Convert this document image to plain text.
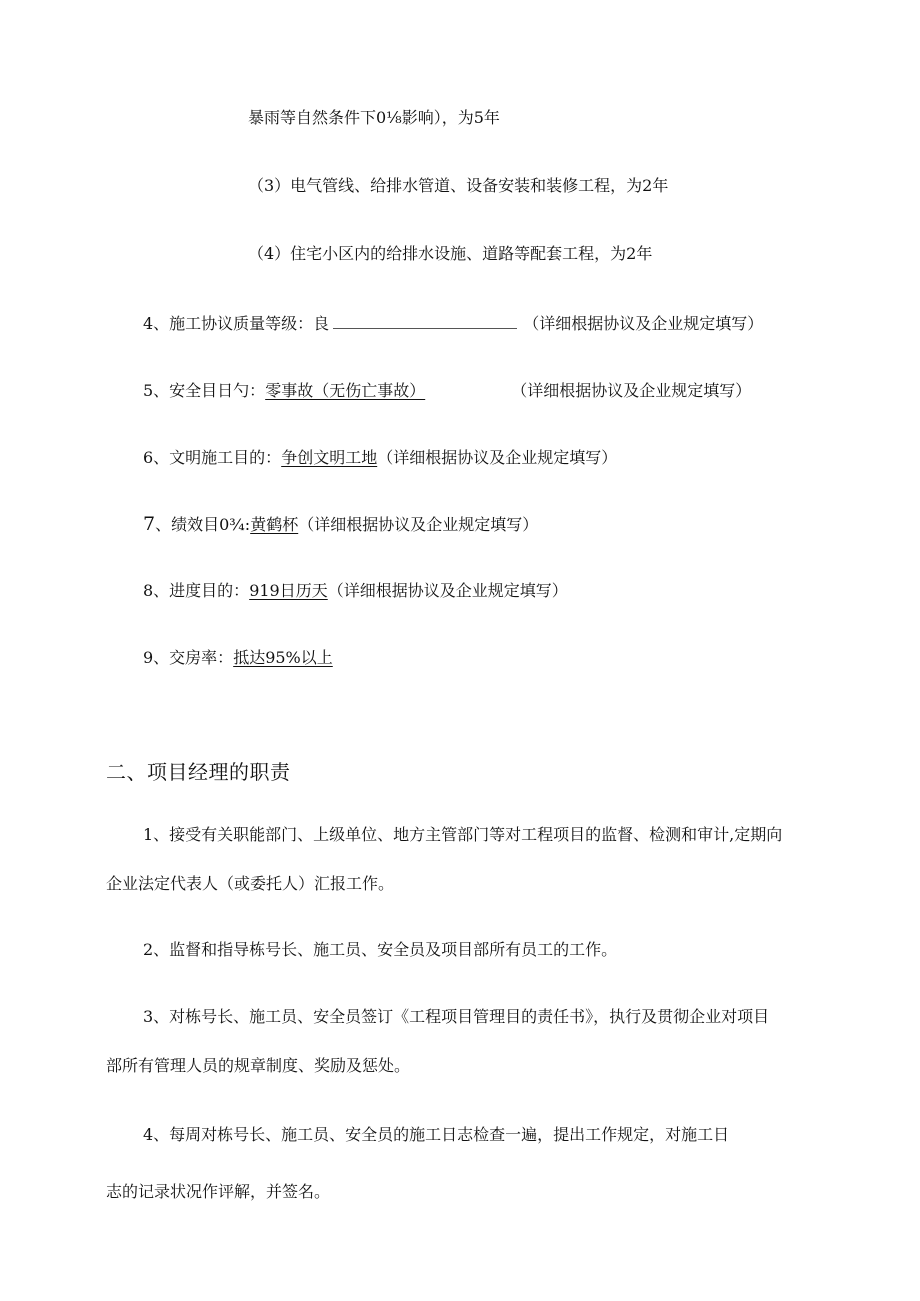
暴雨等自然条件下0⅛影响），为5年
（3）电气管线、给排水管道、设备安装和装修工程，为2年
（4）住宅小区内的给排水设施、道路等配套工程，为2年
4、施工协议质量等级：良	（详细根据协议及企业规定填写）
5、安全目日勺：零事故（无伤亡事故）	（详细根据协议及企业规定填写）
6、文明施工目的：争创文明工地（详细根据协议及企业规定填写）
7、绩效目0¾:黄鹤杯（详细根据协议及企业规定填写）
8、进度目的：919日历天（详细根据协议及企业规定填写）
9、交房率：抵达95%以上
二、项目经理的职责
1、接受有关职能部门、上级单位、地方主管部门等对工程项目的监督、检测和审计,定期向
企业法定代表人（或委托人）汇报工作。
2、监督和指导栋号长、施工员、安全员及项目部所有员工的工作。
3、对栋号长、施工员、安全员签订《工程项目管理目的责任书》，执行及贯彻企业对项目
部所有管理人员的规章制度、奖励及惩处。
4、每周对栋号长、施工员、安全员的施工日志检查一遍，提出工作规定，对施工日
志的记录状况作评解，并签名。
